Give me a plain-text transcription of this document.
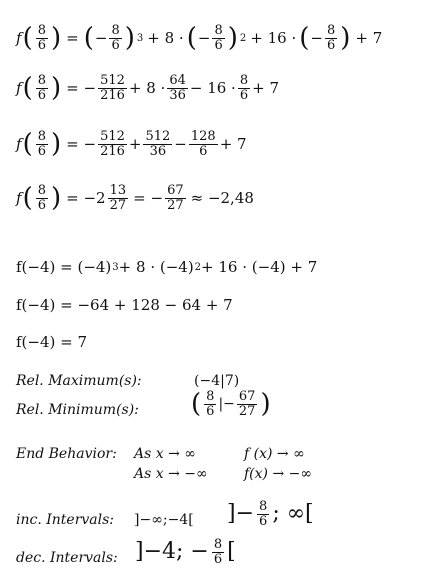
f ( $\frac{8}{6}$ ) = ( − $\frac{8}{6}$ ) 3 + 8 · ( − $\frac{8}{6}$ ) 2 + 16 · ( − $\frac{8}{6}$ ) + 7
f ( $\frac{8}{6}$ ) = − $\frac{512}{216} + 8 \cdot \frac{64}{36} - 16 \cdot \frac{8}{6} + 7$
f ( $\frac{8}{6}$ ) = − $\frac{512}{216} + \frac{512}{36} - \frac{128}{6} + 7$
f ( $\frac{8}{6}$ ) = $-2 \frac{13}{27}$ = − $\frac{67}{27} \approx -2,48$
f(−4) = (−4) 3 + 8 · (−4) 2 + 16 · (−4) + 7
f(−4) = −64 + 128 − 64 + 7
f(−4) = 7
Rel. Maximum(s):	(−4|7)
Rel. Minimum(s): ( $\frac{8}{6}$ |− $\frac{67}{27}$ )
End Behavior: As x → ∞	f (x) → ∞
As x → −∞	f(x) → −∞
inc. Intervals: ]−∞;−4[ ]− $\frac{8}{6}$ ; ∞[
dec. Intervals: ]−4; − $\frac{8}{6}$ [
